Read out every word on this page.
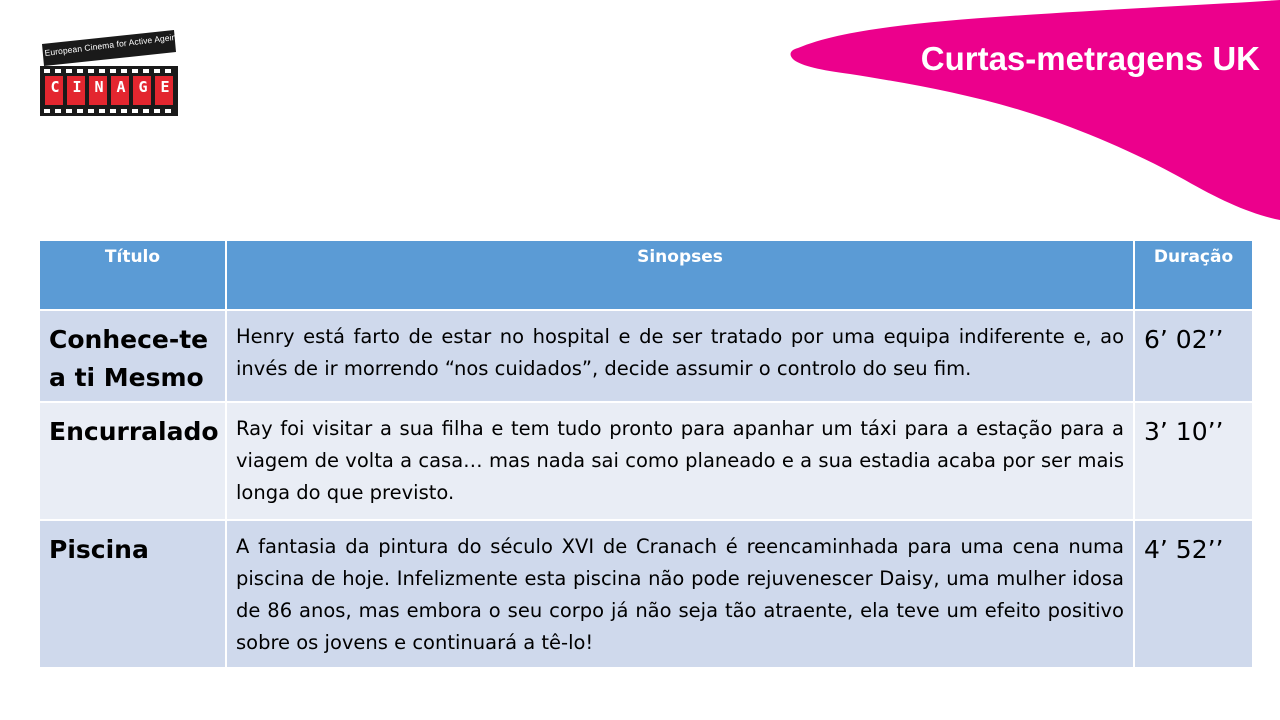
European Cinema for Active Ageing
C I N A G E
Curtas-metragens UK
Título	Sinopses	Duração
Conhece-te a ti Mesmo	Henry está farto de estar no hospital e de ser tratado por uma equipa indiferente e, ao invés de ir morrendo “nos cuidados”, decide assumir o controlo do seu fim.	6’ 02’’
Encurralado	Ray foi visitar a sua filha e tem tudo pronto para apanhar um táxi para a estação para a viagem de volta a casa… mas nada sai como planeado e a sua estadia acaba por ser mais longa do que previsto.	3’ 10’’
Piscina	A fantasia da pintura do século XVI de Cranach é reencaminhada para uma cena numa piscina de hoje. Infelizmente esta piscina não pode rejuvenescer Daisy, uma mulher idosa de 86 anos, mas embora o seu corpo já não seja tão atraente, ela teve um efeito positivo sobre os jovens e continuará a tê-lo!	4’ 52’’
